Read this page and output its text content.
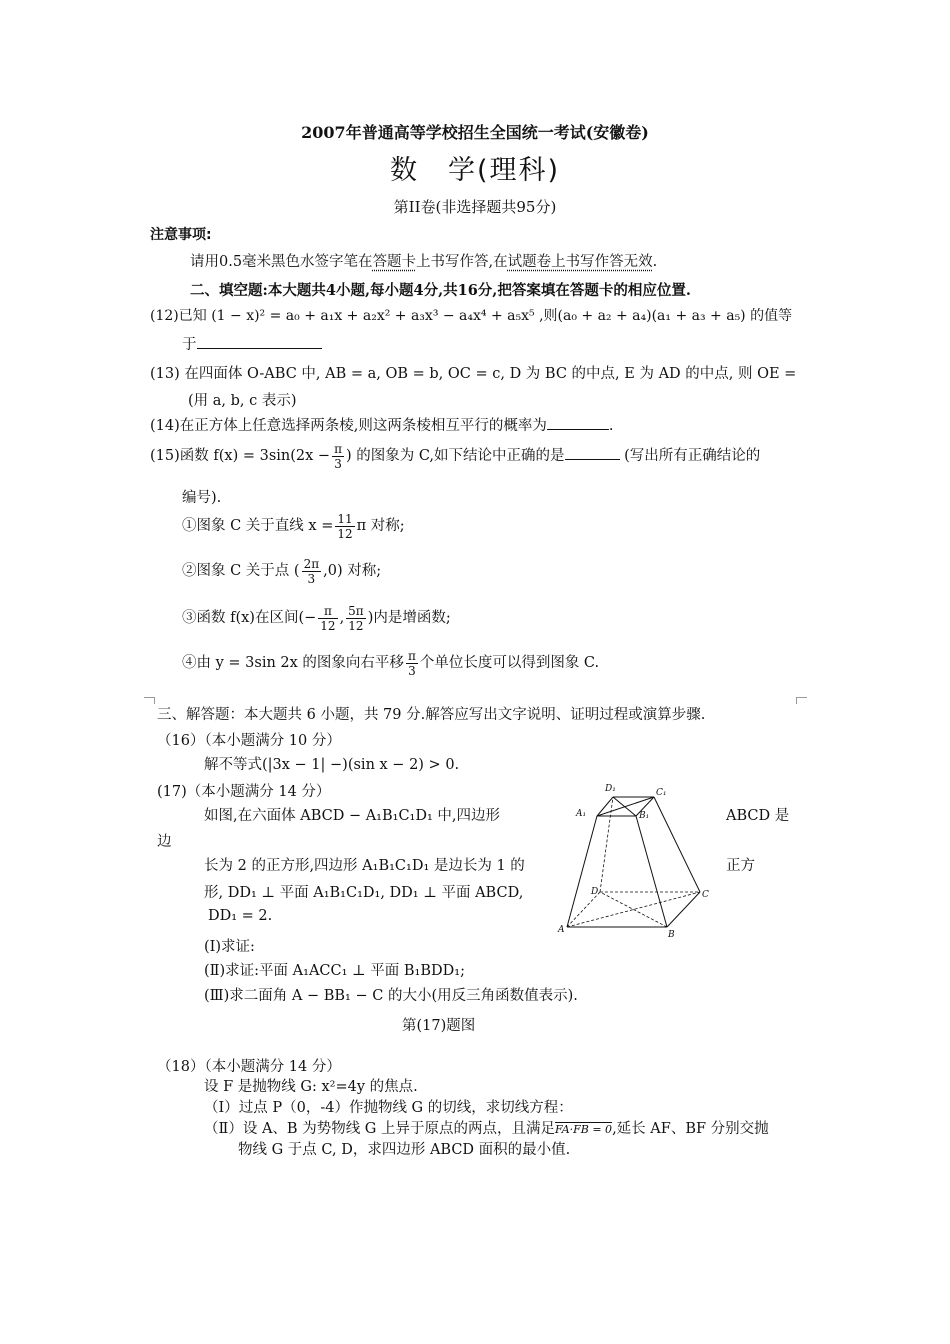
2007年普通高等学校招生全国统一考试(安徽卷)
数　学(理科)
第II卷(非选择题共95分)
注意事项:
请用0.5毫米黑色水签字笔在答题卡上书写作答,在试题卷上书写作答无效.
二、填空题:本大题共4小题,每小题4分,共16分,把答案填在答题卡的相应位置.
(12)已知 (1 − x)² = a₀ + a₁x + a₂x² + a₃x³ − a₄x⁴ + a₅x⁵ ,则(a₀ + a₂ + a₄)(a₁ + a₃ + a₅) 的值等
于
(13) 在四面体 O-ABC 中, AB = a, OB = b, OC = c, D 为 BC 的中点, E 为 AD 的中点, 则 OE =
(用 a, b, c 表示)
(14)在正方体上任意选择两条棱,则这两条棱相互平行的概率为	.
(15)函数 $f(x) = 3\sin(2x - \frac{\pi}{3}$ ) 的图象为 C,如下结论中正确的是	(写出所有正确结论的
编号).
①图象 C 关于直线 $x = \frac{11}{12}$ π 对称;
②图象 C 关于点 ( $\frac{2\pi}{3} ,0$) 对称;
③函数 f(x)在区间(− $\frac{\pi}{12}$ , $\frac{5\pi}{12}$ )内是增函数;
④由 y = 3sin 2x 的图象向右平移 $\frac{\pi}{3}$ 个单位长度可以得到图象 C.
三、解答题：本大题共 6 小题，共 79 分.解答应写出文字说明、证明过程或演算步骤.
（16）（本小题满分 10 分）
解不等式(|3x − 1| −)(sin x − 2) > 0.
(17)（本小题满分 14 分）
如图,在六面体 ABCD − A₁B₁C₁D₁ 中,四边形	ABCD 是
边
长为 2 的正方形,四边形 A₁B₁C₁D₁ 是边长为 1 的	正方
形, DD₁ ⊥ 平面 A₁B₁C₁D₁, DD₁ ⊥ 平面 ABCD,
DD₁ = 2.
(Ⅰ)求证:
(Ⅱ)求证:平面 A₁ACC₁ ⊥ 平面 B₁BDD₁;
(Ⅲ)求二面角 A − BB₁ − C 的大小(用反三角函数值表示).
第(17)题图
D₁	C₁
A₁	B₁
D	C
A	B
（18）（本小题满分 14 分）
设 F 是抛物线 G: x²=4y 的焦点.
（Ⅰ）过点 P（0，-4）作抛物线 G 的切线，求切线方程：
（Ⅱ）设 A、B 为势物线 G 上异于原点的两点，且满足FA·FB = 0,延长 AF、BF 分别交抛
物线 G 于点 C, D，求四边形 ABCD 面积的最小值.
